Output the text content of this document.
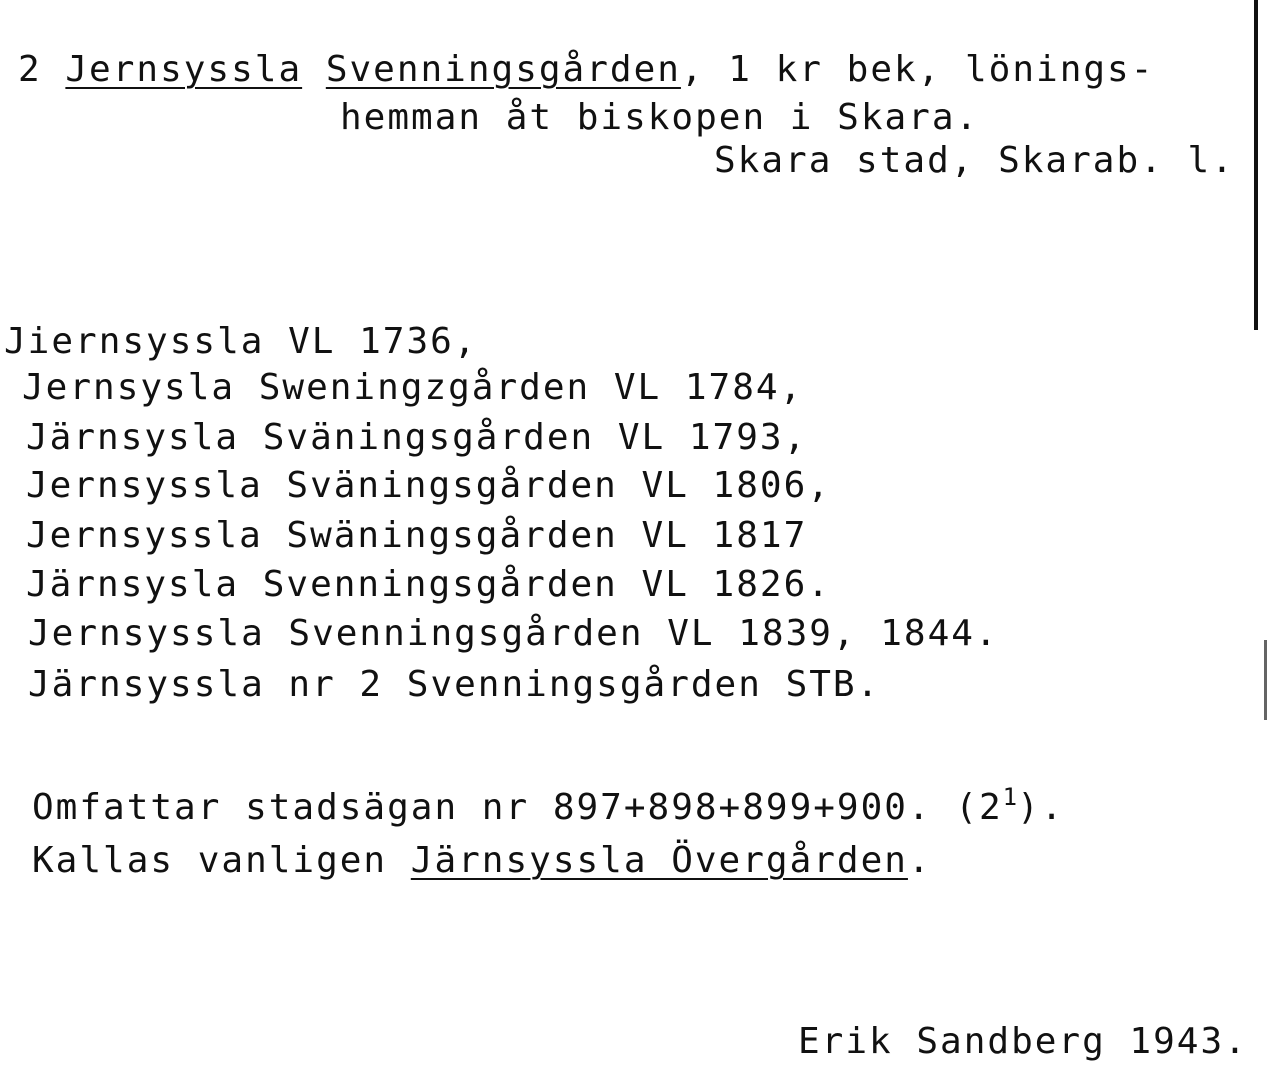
2 Jernsyssla Svenningsgården, 1 kr bek, lönings-
hemman åt biskopen i Skara.
Skara stad, Skarab. l.
Jiernsyssla VL 1736,
Jernsysla Sweningzgården VL 1784,
Järnsysla Sväningsgården VL 1793,
Jernsyssla Sväningsgården VL 1806,
Jernsyssla Swäningsgården VL 1817
Järnsysla Svenningsgården VL 1826.
Jernsyssla Svenningsgården VL 1839, 1844.
Järnsyssla nr 2 Svenningsgården STB.
Omfattar stadsägan nr 897+898+899+900. $(2^1)$.
Kallas vanligen Järnsyssla Övergården.
Erik Sandberg 1943.
